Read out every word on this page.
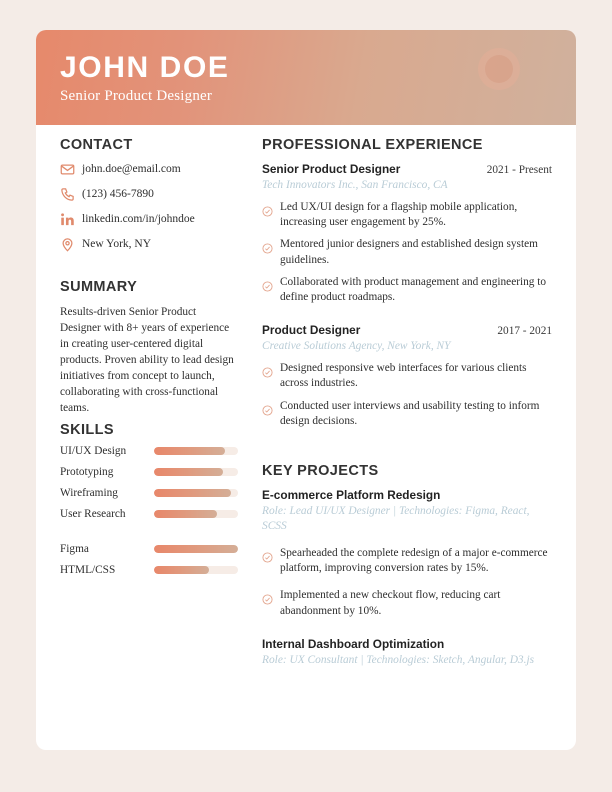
JOHN DOE
Senior Product Designer
CONTACT
john.doe@email.com
(123) 456-7890
linkedin.com/in/johndoe
New York, NY
SUMMARY
Results-driven Senior Product Designer with 8+ years of experience in creating user-centered digital products. Proven ability to lead design initiatives from concept to launch, collaborating with cross-functional teams.
SKILLS
UI/UX Design
Prototyping
Wireframing
User Research
Figma
HTML/CSS
PROFESSIONAL EXPERIENCE
Senior Product Designer	2021 - Present
Tech Innovators Inc., San Francisco, CA
Led UX/UI design for a flagship mobile application, increasing user engagement by 25%.
Mentored junior designers and established design system guidelines.
Collaborated with product management and engineering to define product roadmaps.
Product Designer	2017 - 2021
Creative Solutions Agency, New York, NY
Designed responsive web interfaces for various clients across industries.
Conducted user interviews and usability testing to inform design decisions.
KEY PROJECTS
E-commerce Platform Redesign
Role: Lead UI/UX Designer | Technologies: Figma, React, SCSS
Spearheaded the complete redesign of a major e-commerce platform, improving conversion rates by 15%.
Implemented a new checkout flow, reducing cart abandonment by 10%.
Internal Dashboard Optimization
Role: UX Consultant | Technologies: Sketch, Angular, D3.js
